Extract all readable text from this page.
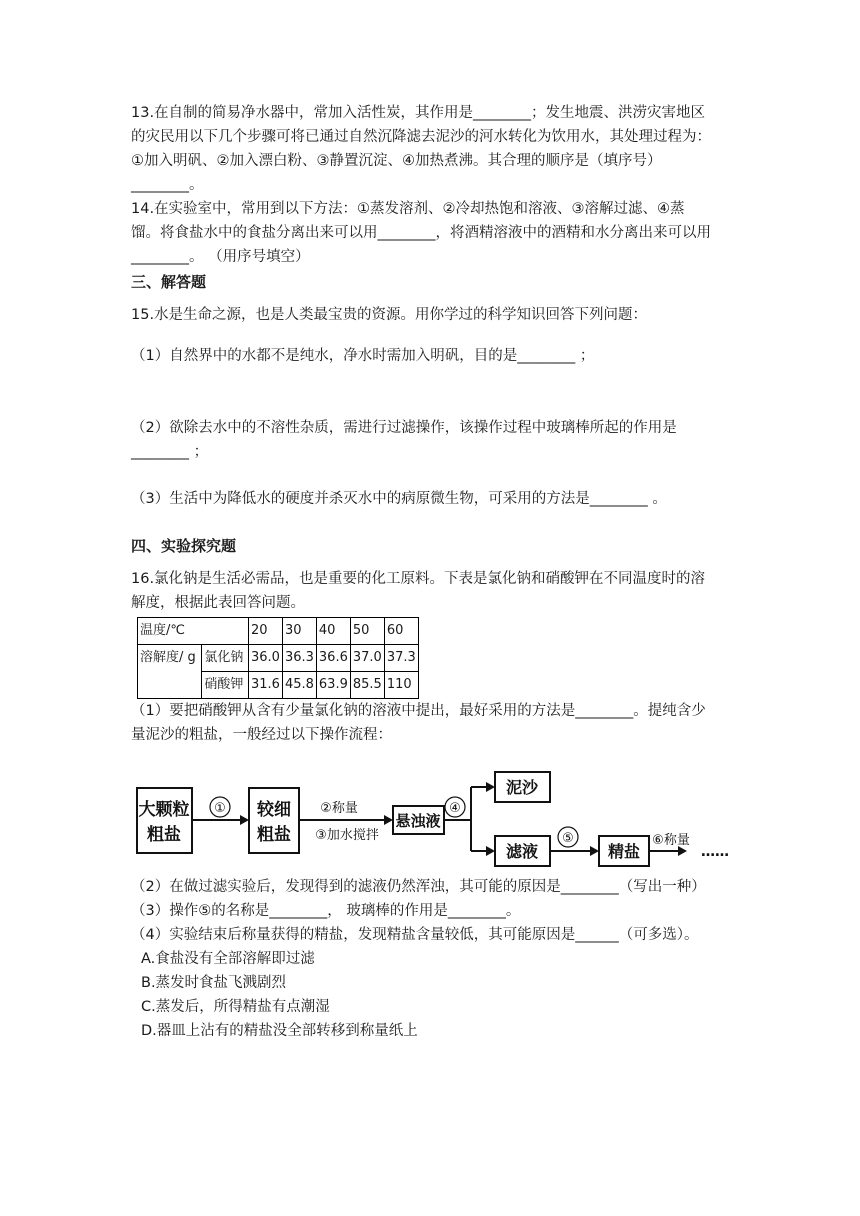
13.在自制的简易净水器中，常加入活性炭，其作用是________；发生地震、洪涝灾害地区
的灾民用以下几个步骤可将已通过自然沉降滤去泥沙的河水转化为饮用水，其处理过程为：
①加入明矾、②加入漂白粉、③静置沉淀、④加热煮沸。其合理的顺序是（填序号）
________。
14.在实验室中，常用到以下方法：①蒸发溶剂、②冷却热饱和溶液、③溶解过滤、④蒸
馏。将食盐水中的食盐分离出来可以用________，将酒精溶液中的酒精和水分离出来可以用
________。 （用序号填空）
三、解答题
15.水是生命之源，也是人类最宝贵的资源。用你学过的科学知识回答下列问题：
（1）自然界中的水都不是纯水，净水时需加入明矾，目的是________ ；
（2）欲除去水中的不溶性杂质，需进行过滤操作，该操作过程中玻璃棒所起的作用是
________ ；
（3）生活中为降低水的硬度并杀灭水中的病原微生物，可采用的方法是________ 。
四、实验探究题
16.氯化钠是生活必需品，也是重要的化工原料。下表是氯化钠和硝酸钾在不同温度时的溶
解度，根据此表回答问题。
温度/℃		20	30	40	50	60
溶解度/ g	氯化钠	36.0	36.3	36.6	37.0	37.3
	硝酸钾	31.6	45.8	63.9	85.5	110
（1）要把硝酸钾从含有少量氯化钠的溶液中提出，最好采用的方法是________。提纯含少
量泥沙的粗盐，一般经过以下操作流程：
大颗粒
粗盐
① 较细
粗盐
②称量
③加水搅拌
悬浊液
④
泥沙
滤液
⑤
精盐
⑥称量
……
（2）在做过滤实验后，发现得到的滤液仍然浑浊，其可能的原因是________（写出一种）
（3）操作⑤的名称是________， 玻璃棒的作用是________。
（4）实验结束后称量获得的精盐，发现精盐含量较低，其可能原因是______（可多选）。
A.食盐没有全部溶解即过滤
B.蒸发时食盐飞溅剧烈
C.蒸发后，所得精盐有点潮湿
D.器皿上沾有的精盐没全部转移到称量纸上
